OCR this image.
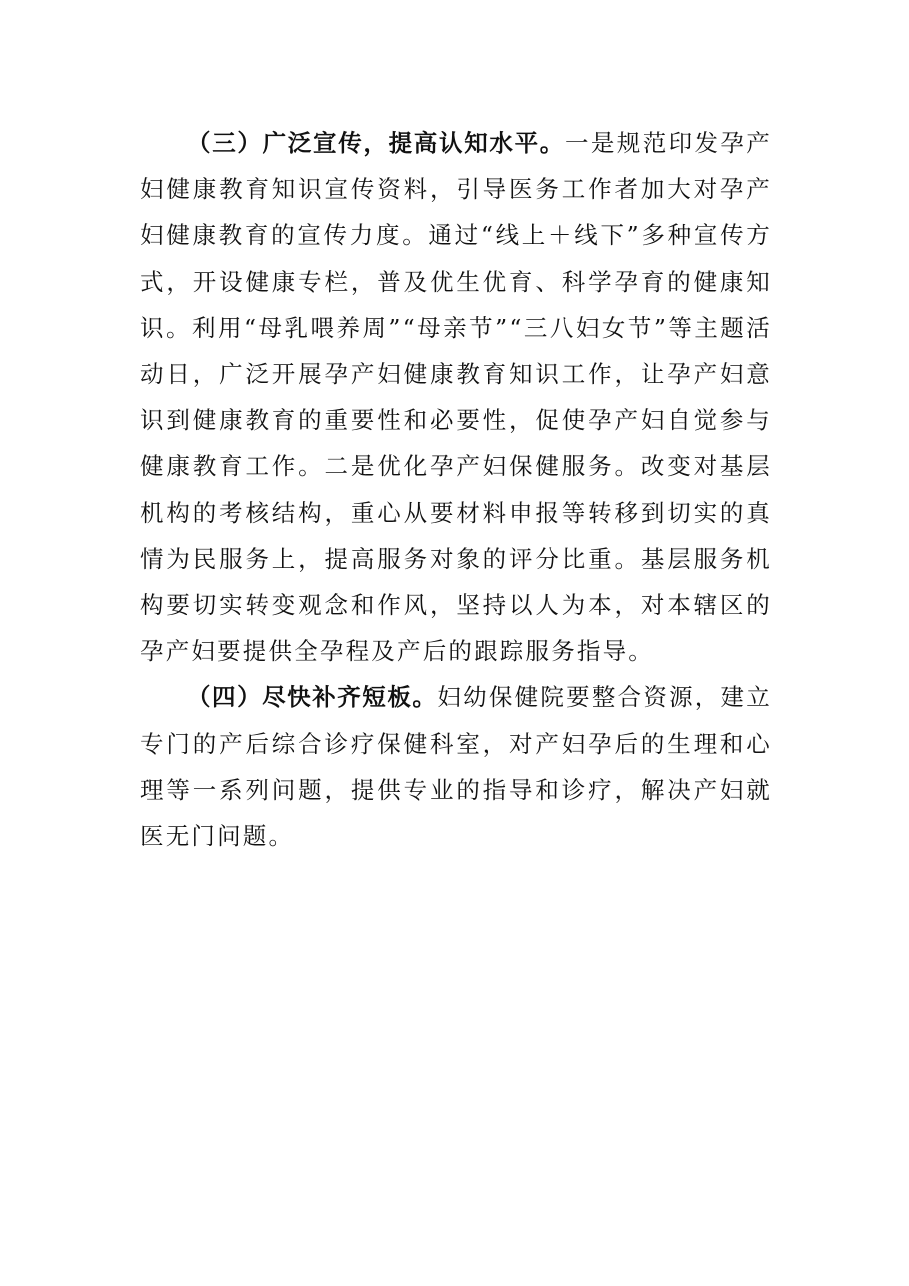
（三）广泛宣传，提高认知水平。一是规范印发孕产妇健康教育知识宣传资料，引导医务工作者加大对孕产妇健康教育的宣传力度。通过“线上＋线下”多种宣传方式，开设健康专栏，普及优生优育、科学孕育的健康知识。利用“母乳喂养周”“母亲节”“三八妇女节”等主题活动日，广泛开展孕产妇健康教育知识工作，让孕产妇意识到健康教育的重要性和必要性，促使孕产妇自觉参与健康教育工作。二是优化孕产妇保健服务。改变对基层机构的考核结构，重心从要材料申报等转移到切实的真情为民服务上，提高服务对象的评分比重。基层服务机构要切实转变观念和作风，坚持以人为本，对本辖区的孕产妇要提供全孕程及产后的跟踪服务指导。

（四）尽快补齐短板。妇幼保健院要整合资源，建立专门的产后综合诊疗保健科室，对产妇孕后的生理和心理等一系列问题，提供专业的指导和诊疗，解决产妇就医无门问题。
